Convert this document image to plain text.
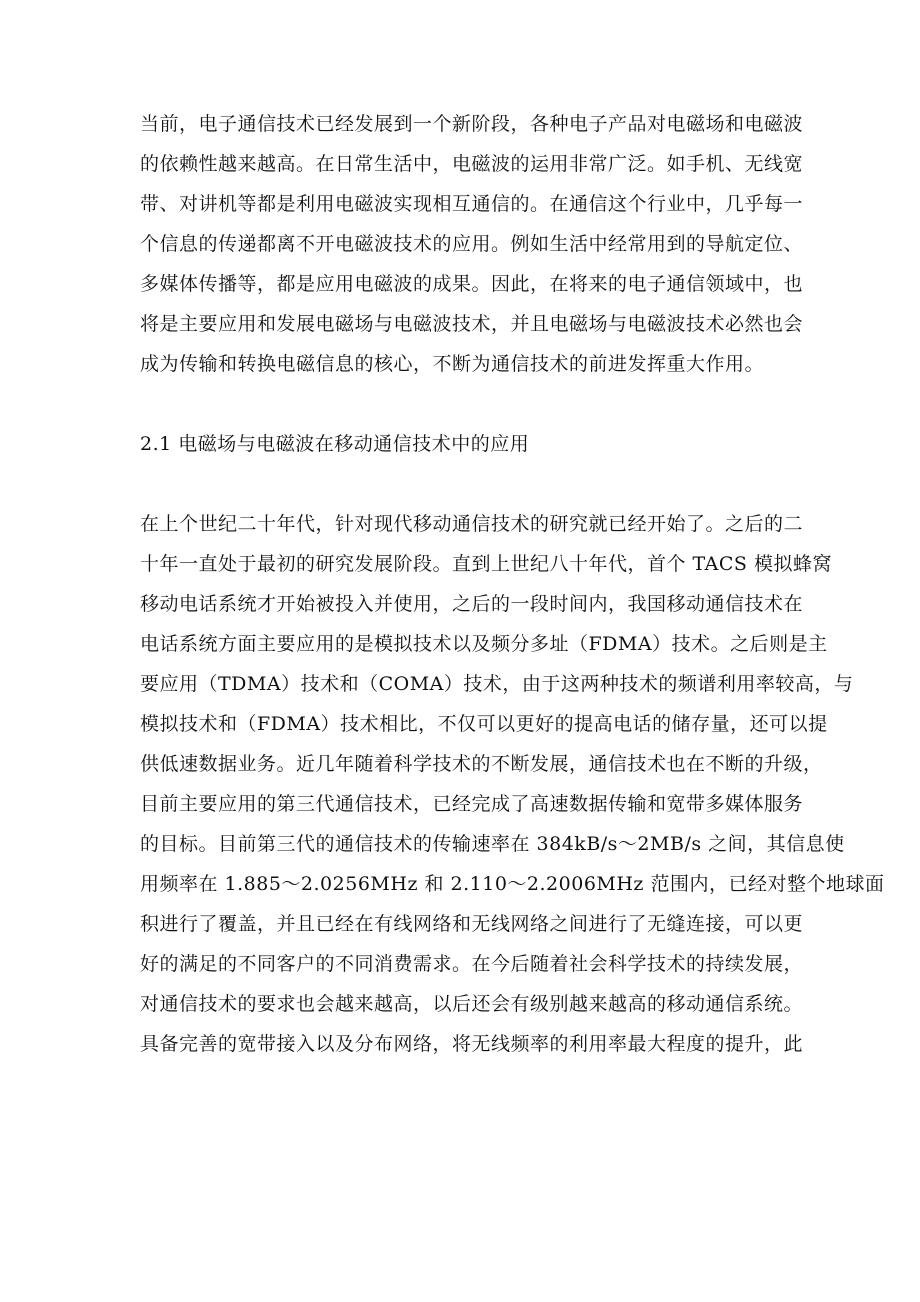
当前，电子通信技术已经发展到一个新阶段，各种电子产品对电磁场和电磁波
的依赖性越来越高。在日常生活中，电磁波的运用非常广泛。如手机、无线宽
带、对讲机等都是利用电磁波实现相互通信的。在通信这个行业中，几乎每一
个信息的传递都离不开电磁波技术的应用。例如生活中经常用到的导航定位、
多媒体传播等，都是应用电磁波的成果。因此，在将来的电子通信领域中，也
将是主要应用和发展电磁场与电磁波技术，并且电磁场与电磁波技术必然也会
成为传输和转换电磁信息的核心，不断为通信技术的前进发挥重大作用。
2.1 电磁场与电磁波在移动通信技术中的应用
在上个世纪二十年代，针对现代移动通信技术的研究就已经开始了。之后的二
十年一直处于最初的研究发展阶段。直到上世纪八十年代，首个 TACS 模拟蜂窝
移动电话系统才开始被投入并使用，之后的一段时间内，我国移动通信技术在
电话系统方面主要应用的是模拟技术以及频分多址（FDMA）技术。之后则是主
要应用（TDMA）技术和（COMA）技术，由于这两种技术的频谱利用率较高，与
模拟技术和（FDMA）技术相比，不仅可以更好的提高电话的储存量，还可以提
供低速数据业务。近几年随着科学技术的不断发展，通信技术也在不断的升级，
目前主要应用的第三代通信技术，已经完成了高速数据传输和宽带多媒体服务
的目标。目前第三代的通信技术的传输速率在 384kB/s～2MB/s 之间，其信息使
用频率在 1.885～2.0256MHz 和 2.110～2.2006MHz 范围内，已经对整个地球面
积进行了覆盖，并且已经在有线网络和无线网络之间进行了无缝连接，可以更
好的满足的不同客户的不同消费需求。在今后随着社会科学技术的持续发展，
对通信技术的要求也会越来越高，以后还会有级别越来越高的移动通信系统。
具备完善的宽带接入以及分布网络，将无线频率的利用率最大程度的提升，此
